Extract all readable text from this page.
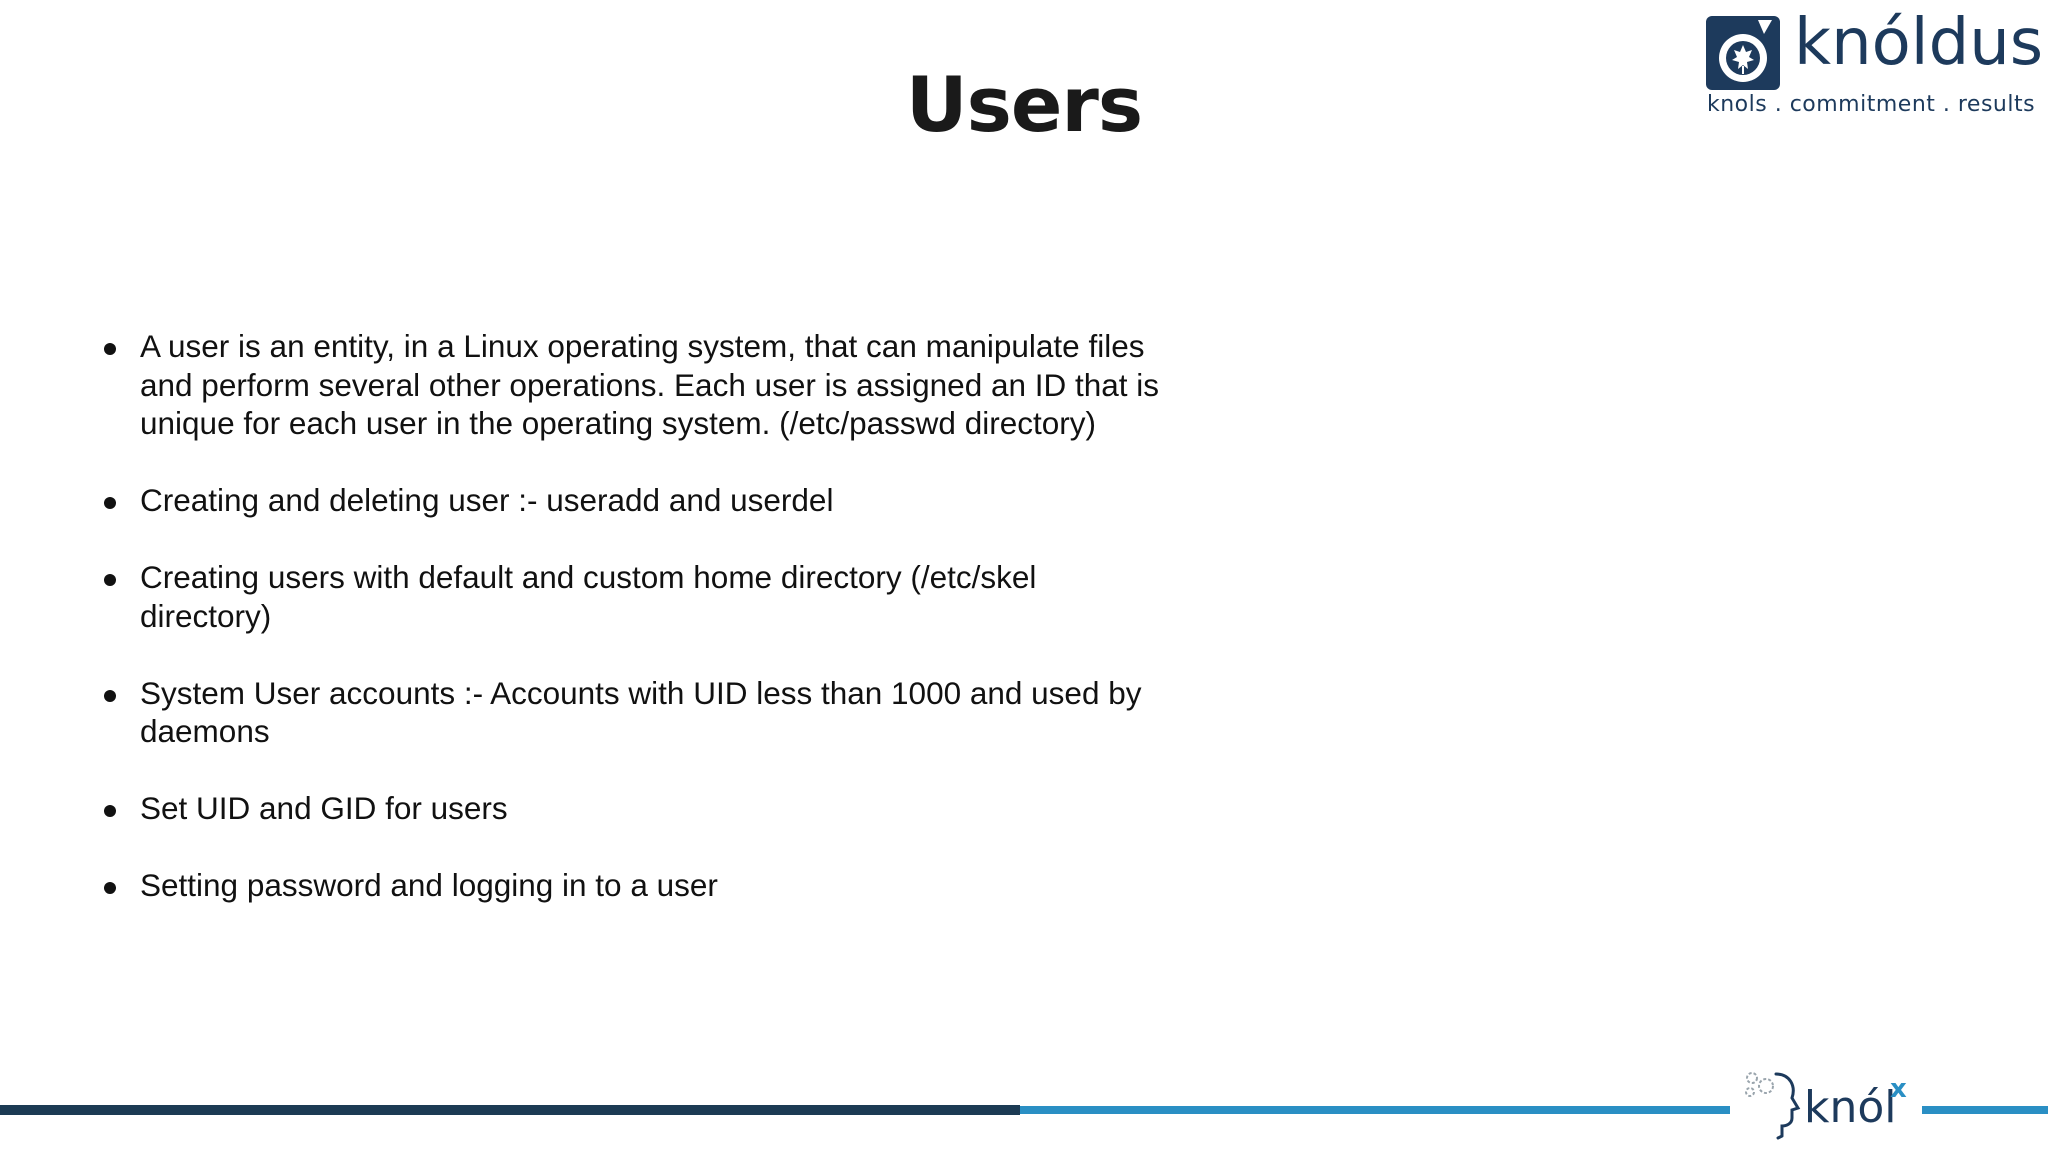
Users
knóldus
knols . commitment . results
A user is an entity, in a Linux operating system, that can manipulate files and perform several other operations. Each user is assigned an ID that is unique for each user in the operating system. (/etc/passwd directory)
Creating and deleting user :- useradd and userdel
Creating users with default and custom home directory (/etc/skel directory)
System User accounts :- Accounts with UID less than 1000 and used by daemons
Set UID and GID for users
Setting password and logging in to a user
knól
x
